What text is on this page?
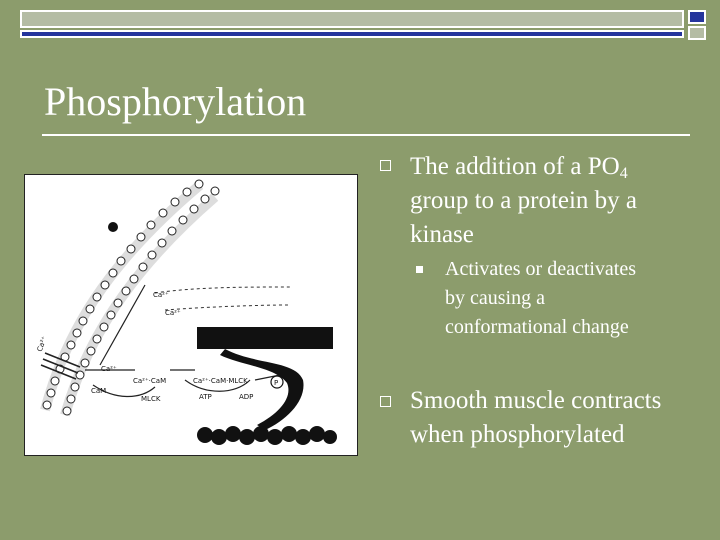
Phosphorylation
Ca²⁺
Ca²⁺
Ca²⁺
Ca²⁺
Ca²⁺·CaM	Ca²⁺·CaM·MLCK
CaM
MLCK	ATP	ADP
P
The addition of a $PO_4$
group to a protein by a
kinase
Activates or deactivates
by causing a
conformational change
Smooth muscle contracts
when phosphorylated
